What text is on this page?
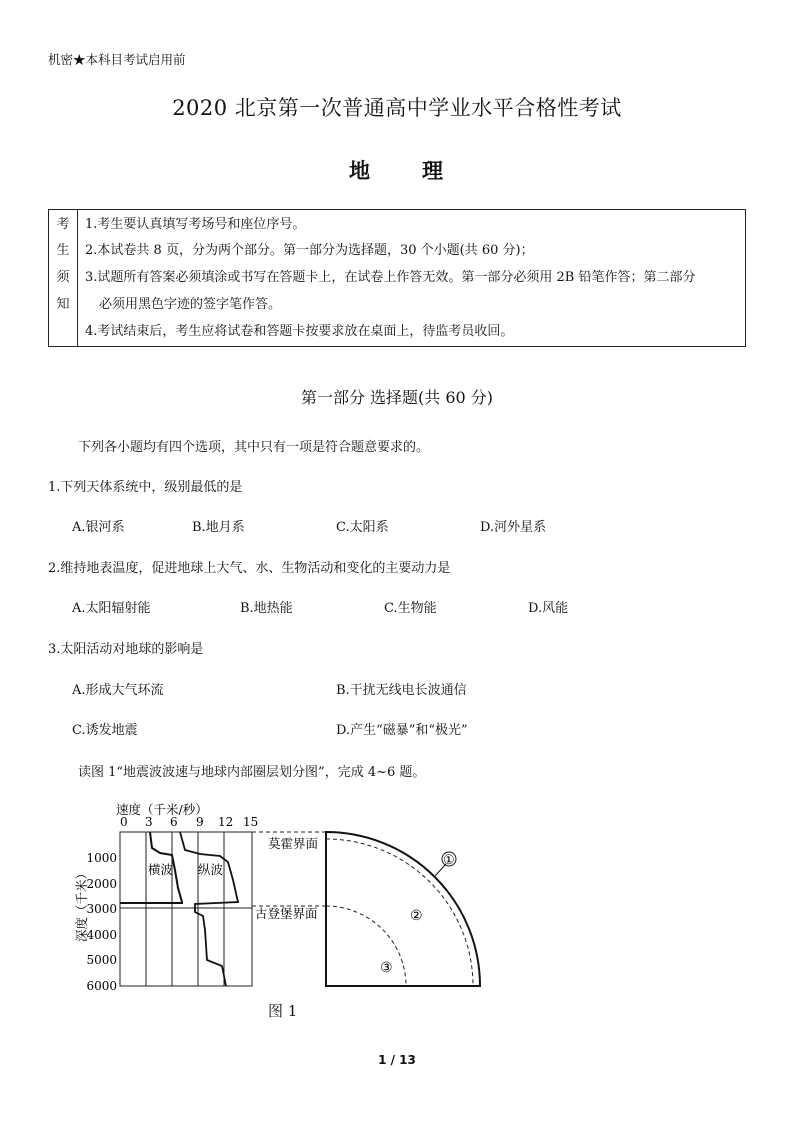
机密★本科目考试启用前
2020 北京第一次普通高中学业水平合格性考试
地 理
考
生
须
知
1.考生要认真填写考场号和座位序号。
2.本试卷共 8 页，分为两个部分。第一部分为选择题，30 个小题(共 60 分)；
3.试题所有答案必须填涂或书写在答题卡上，在试卷上作答无效。第一部分必须用 2B 铅笔作答；第二部分
必须用黑色字迹的签字笔作答。
4.考试结束后，考生应将试卷和答题卡按要求放在桌面上，待监考员收回。
第一部分 选择题(共 60 分)
下列各小题均有四个选项，其中只有一项是符合题意要求的。
1.下列天体系统中，级别最低的是
A.银河系	B.地月系	C.太阳系	D.河外星系
2.维持地表温度，促进地球上大气、水、生物活动和变化的主要动力是
A.太阳辐射能	B.地热能	C.生物能	D.风能
3.太阳活动对地球的影响是
A.形成大气环流	B.干扰无线电长波通信
C.诱发地震	D.产生“磁暴”和“极光”
读图 1“地震波波速与地球内部圈层划分图”，完成 4~6 题。
速度（千米/秒）
0 3 6 9 12 15
1000
2000
3000
4000
5000
6000
深度（千米）	横波 纵波
莫霍界面
古登堡界面
①
②
③
图 1
1 / 13
